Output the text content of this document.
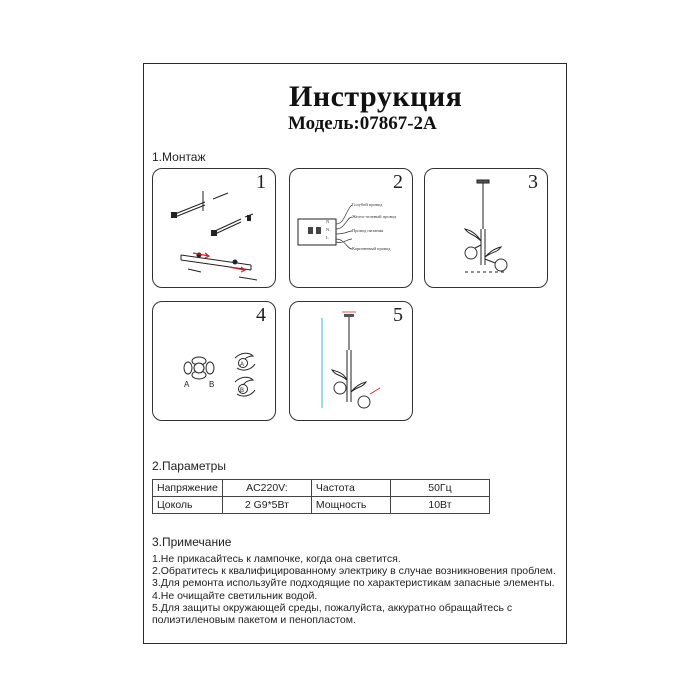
Инструкция
Модель:07867-2A
1.Монтаж
1	2
N
N
L
Голубой провод
Желто-зеленый провод
Провод питания
Коричневый провод
3
4
A B
A
B
5
2.Параметры
Напряжение	AC220V:	Частота	50Гц
Цоколь	2 G9*5Вт	Мощность	10Вт
3.Примечание
1.Не прикасайтесь к лампочке, когда она светится.
2.Обратитесь к квалифицированному электрику в случае возникновения проблем.
3.Для ремонта используйте подходящие по характеристикам запасные элементы.
4.Не очищайте светильник водой.
5.Для защиты окружающей среды, пожалуйста, аккуратно обращайтесь с
полиэтиленовым пакетом и пенопластом.
